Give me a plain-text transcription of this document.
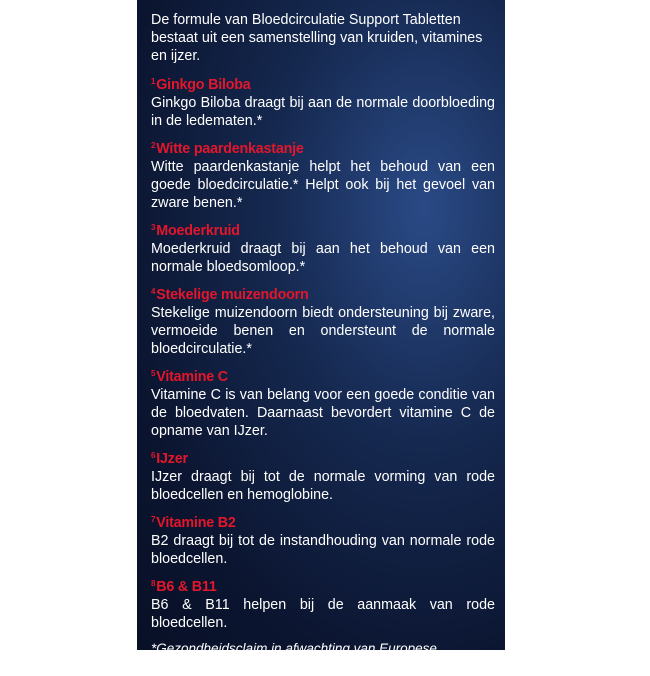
De formule van Bloedcirculatie Support Tabletten bestaat uit een samenstelling van kruiden, vitamines en ijzer.
$^1$Ginkgo Biloba
Ginkgo Biloba draagt bij aan de normale doorbloeding in de ledematen.*
$^2$Witte paardenkastanje
Witte paardenkastanje helpt het behoud van een goede bloedcirculatie.* Helpt ook bij het gevoel van zware benen.*
$^3$Moederkruid
Moederkruid draagt bij aan het behoud van een normale bloedsomloop.*
$^4$Stekelige muizendoorn
Stekelige muizendoorn biedt ondersteuning bij zware, vermoeide benen en ondersteunt de normale bloedcirculatie.*
$^5$Vitamine C
Vitamine C is van belang voor een goede conditie van de bloedvaten. Daarnaast bevordert vitamine C de opname van IJzer.
$^6$IJzer
IJzer draagt bij tot de normale vorming van rode bloedcellen en hemoglobine.
$^7$Vitamine B2
B2 draagt bij tot de instandhouding van normale rode bloedcellen.
$^8$B6 & B11
B6 & B11 helpen bij de aanmaak van rode bloedcellen.
*Gezondheidsclaim in afwachting van Europese toelating.
